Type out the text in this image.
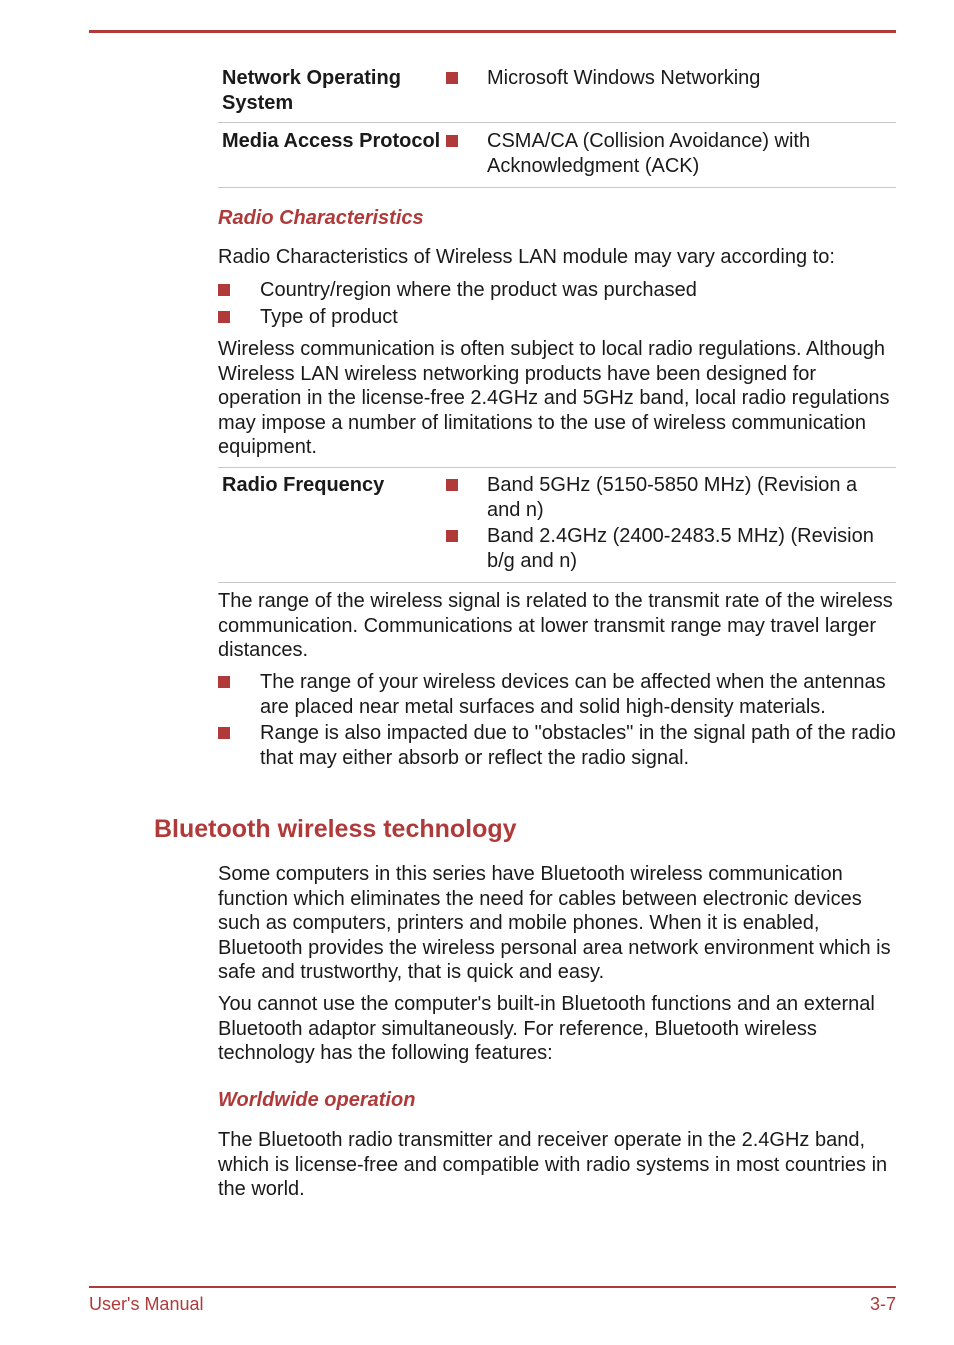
Network Operating System
Microsoft Windows Networking
Media Access Protocol CSMA/CA (Collision Avoidance) with Acknowledgment (ACK)
Radio Characteristics

Radio Characteristics of Wireless LAN module may vary according to:

Country/region where the product was purchased
Type of product

Wireless communication is often subject to local radio regulations. Although Wireless LAN wireless networking products have been designed for operation in the license-free 2.4GHz and 5GHz band, local radio regulations may impose a number of limitations to the use of wireless communication equipment.

Radio Frequency	Band 5GHz (5150-5850 MHz) (Revision a and n)
Band 2.4GHz (2400-2483.5 MHz) (Revision b/g and n)

The range of the wireless signal is related to the transmit rate of the wireless communication. Communications at lower transmit range may travel larger distances.

The range of your wireless devices can be affected when the antennas are placed near metal surfaces and solid high-density materials.
Range is also impacted due to "obstacles" in the signal path of the radio that may either absorb or reflect the radio signal.
Bluetooth wireless technology

Some computers in this series have Bluetooth wireless communication function which eliminates the need for cables between electronic devices such as computers, printers and mobile phones. When it is enabled, Bluetooth provides the wireless personal area network environment which is safe and trustworthy, that is quick and easy.

You cannot use the computer's built-in Bluetooth functions and an external Bluetooth adaptor simultaneously. For reference, Bluetooth wireless technology has the following features:

Worldwide operation

The Bluetooth radio transmitter and receiver operate in the 2.4GHz band, which is license-free and compatible with radio systems in most countries in the world.

User's Manual	3-7
